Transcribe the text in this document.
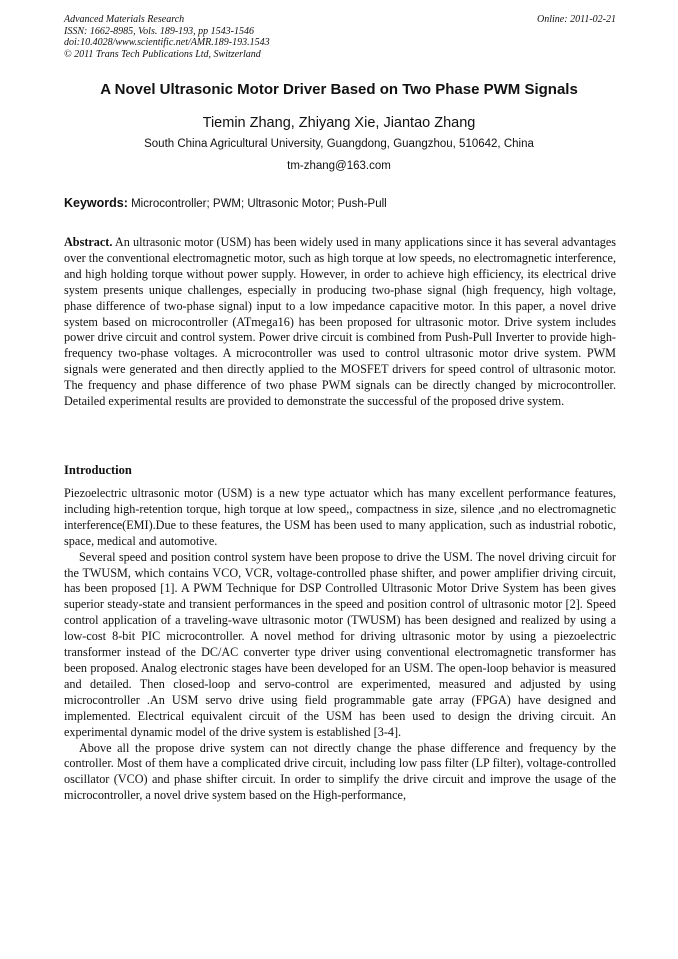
Advanced Materials Research
ISSN: 1662-8985, Vols. 189-193, pp 1543-1546
doi:10.4028/www.scientific.net/AMR.189-193.1543
© 2011 Trans Tech Publications Ltd, Switzerland
Online: 2011-02-21
A Novel Ultrasonic Motor Driver Based on Two Phase PWM Signals
Tiemin Zhang, Zhiyang Xie, Jiantao Zhang
South China Agricultural University, Guangdong, Guangzhou, 510642, China
tm-zhang@163.com
Keywords: Microcontroller; PWM; Ultrasonic Motor; Push-Pull
Abstract. An ultrasonic motor (USM) has been widely used in many applications since it has several advantages over the conventional electromagnetic motor, such as high torque at low speeds, no electromagnetic interference, and high holding torque without power supply. However, in order to achieve high efficiency, its electrical drive system presents unique challenges, especially in producing two-phase signal (high frequency, high voltage, phase difference of two-phase signal) input to a low impedance capacitive motor. In this paper, a novel drive system based on microcontroller (ATmega16) has been proposed for ultrasonic motor. Drive system includes power drive circuit and control system. Power drive circuit is combined from Push-Pull Inverter to provide high-frequency two-phase voltages. A microcontroller was used to control ultrasonic motor drive system. PWM signals were generated and then directly applied to the MOSFET drivers for speed control of ultrasonic motor. The frequency and phase difference of two phase PWM signals can be directly changed by microcontroller. Detailed experimental results are provided to demonstrate the successful of the proposed drive system.
Introduction

Piezoelectric ultrasonic motor (USM) is a new type actuator which has many excellent performance features, including high-retention torque, high torque at low speed,, compactness in size, silence ,and no electromagnetic interference(EMI).Due to these features, the USM has been used to many application, such as industrial robotic, space, medical and automotive.

Several speed and position control system have been propose to drive the USM. The novel driving circuit for the TWUSM, which contains VCO, VCR, voltage-controlled phase shifter, and power amplifier driving circuit, has been proposed [1]. A PWM Technique for DSP Controlled Ultrasonic Motor Drive System has been gives superior steady-state and transient performances in the speed and position control of ultrasonic motor [2]. Speed control application of a traveling-wave ultrasonic motor (TWUSM) has been designed and realized by using a low-cost 8-bit PIC microcontroller. A novel method for driving ultrasonic motor by using a piezoelectric transformer instead of the DC/AC converter type driver using conventional electromagnetic transformer has been proposed. Analog electronic stages have been developed for an USM. The open-loop behavior is measured and detailed. Then closed-loop and servo-control are experimented, measured and adjusted by using microcontroller .An USM servo drive using field programmable gate array (FPGA) have designed and implemented. Electrical equivalent circuit of the USM has been used to design the driving circuit. An experimental dynamic model of the drive system is established [3-4].

Above all the propose drive system can not directly change the phase difference and frequency by the controller. Most of them have a complicated drive circuit, including low pass filter (LP filter), voltage-controlled oscillator (VCO) and phase shifter circuit. In order to simplify the drive circuit and improve the usage of the microcontroller, a novel drive system based on the High-performance,
